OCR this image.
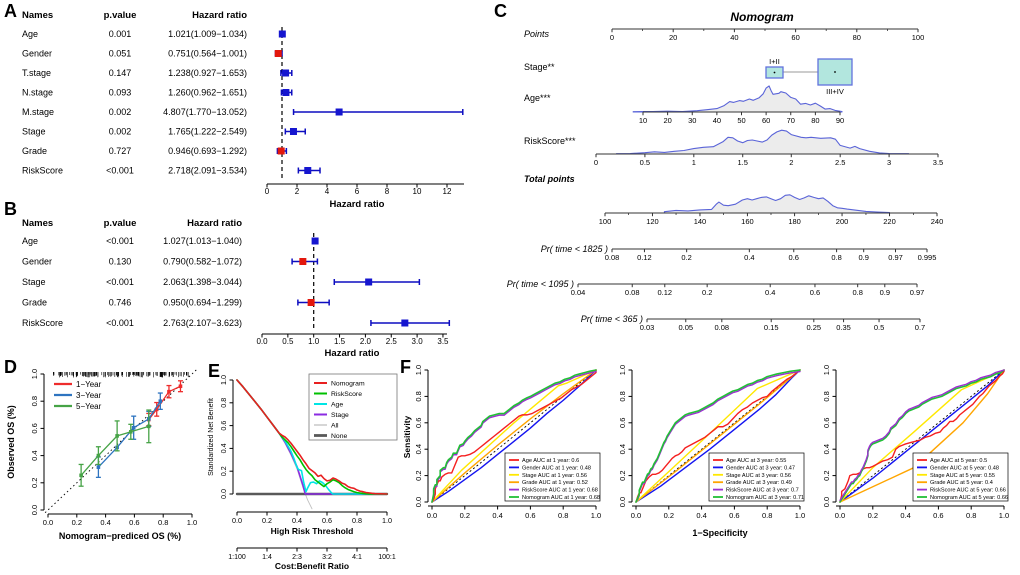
A
B
C
D	E	F
Names	p.value	Hazard ratio
Age	0.001	1.021(1.009−1.034)
Gender	0.051	0.751(0.564−1.001)
T.stage	0.147	1.238(0.927−1.653)
N.stage	0.093	1.260(0.962−1.651)
M.stage	0.002	4.807(1.770−13.052)
Stage	0.002	1.765(1.222−2.549)
Grade	0.727	0.946(0.693−1.292)
RiskScore	<0.001	2.718(2.091−3.534)
0	2	4	6	8	10	12
Hazard ratio
Names	p.value	Hazard ratio
Age	<0.001	1.027(1.013−1.040)
Gender	0.130	0.790(0.582−1.072)
Stage	<0.001	2.063(1.398−3.044)
Grade	0.746	0.950(0.694−1.299)
RiskScore	<0.001	2.763(2.107−3.623)
0.0 0.5 1.0 1.5 2.0 2.5 3.0 3.5
Hazard ratio
Nomogram
Points	0	20	40	60	80	100
Stage**
I+II
III+IV
Age***
10 20 30 40 50 60 70 80 90
RiskScore***
0	0.5	1	1.5	2	2.5	3	3.5
Total points
100	120	140	160	180	200	220	240
Pr( time < 1825 )
0.08 0.12	0.2	0.4	0.6	0.8 0.9	0.97 0.995
Pr( time < 1095 )
0.04	0.08 0.12	0.2	0.4	0.6	0.8 0.9	0.97
Pr( time < 365 )
0.03	0.05	0.08	0.15	0.25 0.35	0.5	0.7
0.0 0.2 0.4 0.6 0.8 1.0
0.0
0.2
0.4
0.6
0.8
1.0
Nomogram−prediced OS (%)
Observed OS (%)
1−Year
3−Year
5−Year
0.0	0.2	0.4	0.6	0.8	1.0
0.0
0.2
0.4
0.6
0.8
1.0
High Risk Threshold
Standardized Net Benefit
1:100 1:4	2:3	3:2	4:1 100:1
Cost:Benefit Ratio
Nomogram
RiskScore
Age
Stage
All
None	Sensitivity
1−Specificity
0.0	0.2	0.4	0.6	0.8	1.0
0.0
0.2
0.4
0.6
0.8
1.0
Age AUC at 1 year: 0.6
Gender AUC at 1 year: 0.48
Stage AUC at 1 year: 0.56
Grade AUC at 1 year: 0.52
RiskScore AUC at 1 year: 0.68
Nomogram AUC at 1 year: 0.68
0.0	0.2	0.4	0.6	0.8	1.0
0.0
0.2
0.4
0.6
0.8
1.0
Age AUC at 3 year: 0.55
Gender AUC at 3 year: 0.47
Stage AUC at 3 year: 0.56
Grade AUC at 3 year: 0.49
RiskScore AUC at 3 year: 0.7
Nomogram AUC at 3 year: 0.71
0.0	0.2	0.4	0.6	0.8	1.0
0.0
0.2
0.4
0.6
0.8
1.0
Age AUC at 5 year: 0.5
Gender AUC at 5 year: 0.48
Stage AUC at 5 year: 0.55
Grade AUC at 5 year: 0.4
RiskScore AUC at 5 year: 0.66
Nomogram AUC at 5 year: 0.66
